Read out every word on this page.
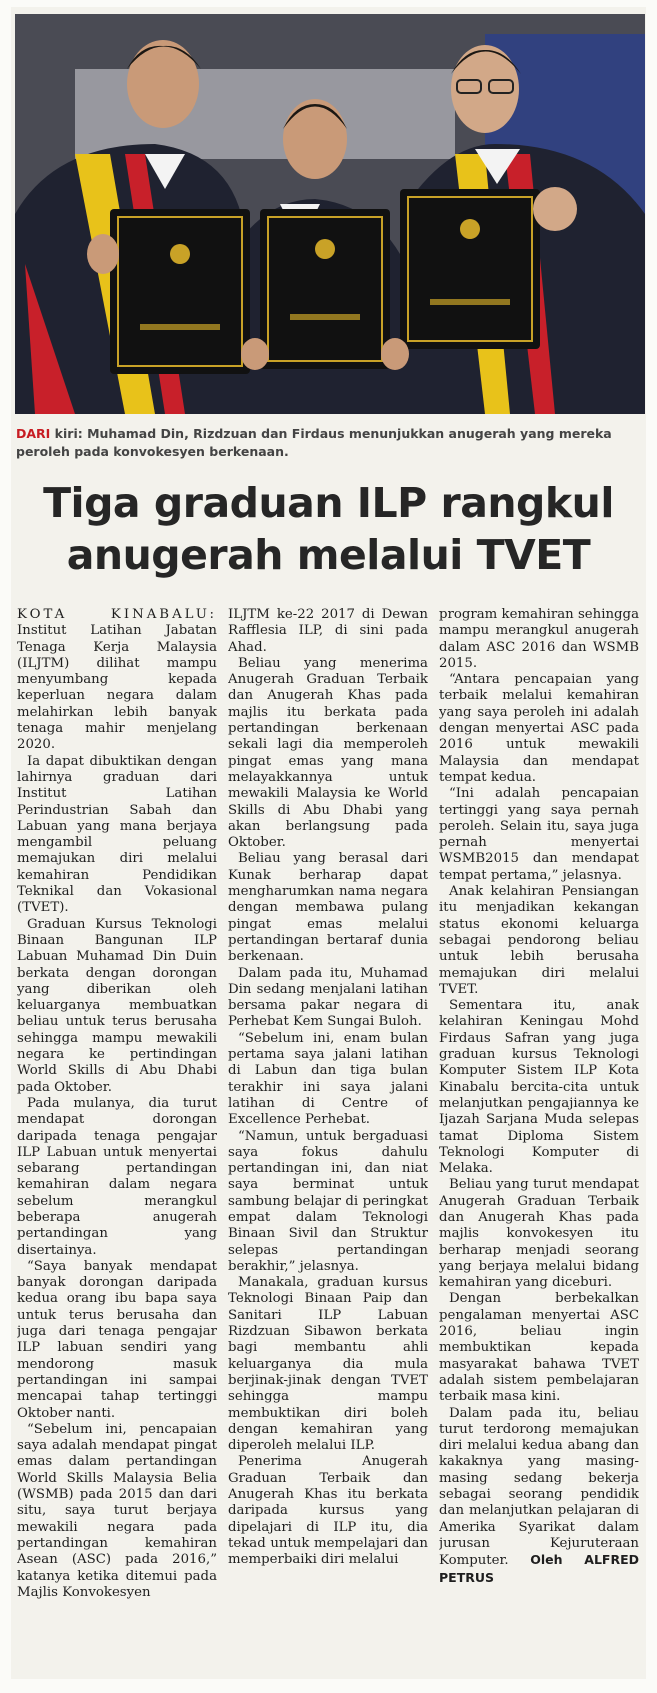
DARI kiri: Muhamad Din, Rizdzuan dan Firdaus menunjukkan anugerah yang mereka peroleh pada konvokesyen berkenaan.
Tiga graduan ILP rangkul
anugerah melalui TVET

KOTA KINABALU: Institut Latihan Jabatan Tenaga Kerja Malaysia (ILJTM) dilihat mampu menyumbang kepada keperluan negara dalam melahirkan lebih banyak tenaga mahir menjelang 2020.

Ia dapat dibuktikan dengan lahirnya graduan dari Institut Latihan Perindustrian Sabah dan Labuan yang mana berjaya mengambil peluang memajukan diri melalui kemahiran Pendidikan Teknikal dan Vokasional (TVET).

Graduan Kursus Teknologi Binaan Bangunan ILP Labuan Muhamad Din Duin berkata dengan dorongan yang diberikan oleh keluarganya membuatkan beliau untuk terus berusaha sehingga mampu mewakili negara ke pertindingan World Skills di Abu Dhabi pada Oktober.

Pada mulanya, dia turut mendapat dorongan daripada tenaga pengajar ILP Labuan untuk menyertai sebarang pertandingan kemahiran dalam negara sebelum merangkul beberapa anugerah pertandingan yang disertainya.

“Saya banyak mendapat banyak dorongan daripada kedua orang ibu bapa saya untuk terus berusaha dan juga dari tenaga pengajar ILP labuan sendiri yang mendorong masuk pertandingan ini sampai mencapai tahap tertinggi Oktober nanti.

“Sebelum ini, pencapaian saya adalah mendapat pingat emas dalam pertandingan World Skills Malaysia Belia (WSMB) pada 2015 dan dari situ, saya turut berjaya mewakili negara pada pertandingan kemahiran Asean (ASC) pada 2016,” katanya ketika ditemui pada Majlis Konvokesyen

ILJTM ke-22 2017 di Dewan Rafflesia ILP, di sini pada Ahad.

Beliau yang menerima Anugerah Graduan Terbaik dan Anugerah Khas pada majlis itu berkata pada pertandingan berkenaan sekali lagi dia memperoleh pingat emas yang mana melayakkannya untuk mewakili Malaysia ke World Skills di Abu Dhabi yang akan berlangsung pada Oktober.

Beliau yang berasal dari Kunak berharap dapat mengharumkan nama negara dengan membawa pulang pingat emas melalui pertandingan bertaraf dunia berkenaan.

Dalam pada itu, Muhamad Din sedang menjalani latihan bersama pakar negara di Perhebat Kem Sungai Buloh.

“Sebelum ini, enam bulan pertama saya jalani latihan di Labun dan tiga bulan terakhir ini saya jalani latihan di Centre of Excellence Perhebat.

“Namun, untuk bergaduasi saya fokus dahulu pertandingan ini, dan niat saya berminat untuk sambung belajar di peringkat empat dalam Teknologi Binaan Sivil dan Struktur selepas pertandingan berakhir,” jelasnya.

Manakala, graduan kursus Teknologi Binaan Paip dan Sanitari ILP Labuan Rizdzuan Sibawon berkata bagi membantu ahli keluarganya dia mula berjinak-jinak dengan TVET sehingga mampu membuktikan diri boleh dengan kemahiran yang diperoleh melalui ILP.

Penerima Anugerah Graduan Terbaik dan Anugerah Khas itu berkata daripada kursus yang dipelajari di ILP itu, dia tekad untuk mempelajari dan memperbaiki diri melalui

program kemahiran sehingga mampu merangkul anugerah dalam ASC 2016 dan WSMB 2015.

“Antara pencapaian yang terbaik melalui kemahiran yang saya peroleh ini adalah dengan menyertai ASC pada 2016 untuk mewakili Malaysia dan mendapat tempat kedua.

“Ini adalah pencapaian tertinggi yang saya pernah peroleh. Selain itu, saya juga pernah menyertai WSMB2015 dan mendapat tempat pertama,” jelasnya.

Anak kelahiran Pensiangan itu menjadikan kekangan status ekonomi keluarga sebagai pendorong beliau untuk lebih berusaha memajukan diri melalui TVET.

Sementara itu, anak kelahiran Keningau Mohd Firdaus Safran yang juga graduan kursus Teknologi Komputer Sistem ILP Kota Kinabalu bercita-cita untuk melanjutkan pengajiannya ke Ijazah Sarjana Muda selepas tamat Diploma Sistem Teknologi Komputer di Melaka.

Beliau yang turut mendapat Anugerah Graduan Terbaik dan Anugerah Khas pada majlis konvokesyen itu berharap menjadi seorang yang berjaya melalui bidang kemahiran yang diceburi.

Dengan berbekalkan pengalaman menyertai ASC 2016, beliau ingin membuktikan kepada masyarakat bahawa TVET adalah sistem pembelajaran terbaik masa kini.

Dalam pada itu, beliau turut terdorong memajukan diri melalui kedua abang dan kakaknya yang masing-masing sedang bekerja sebagai seorang pendidik dan melanjutkan pelajaran di Amerika Syarikat dalam jurusan Kejuruteraan Komputer. Oleh ALFRED PETRUS
